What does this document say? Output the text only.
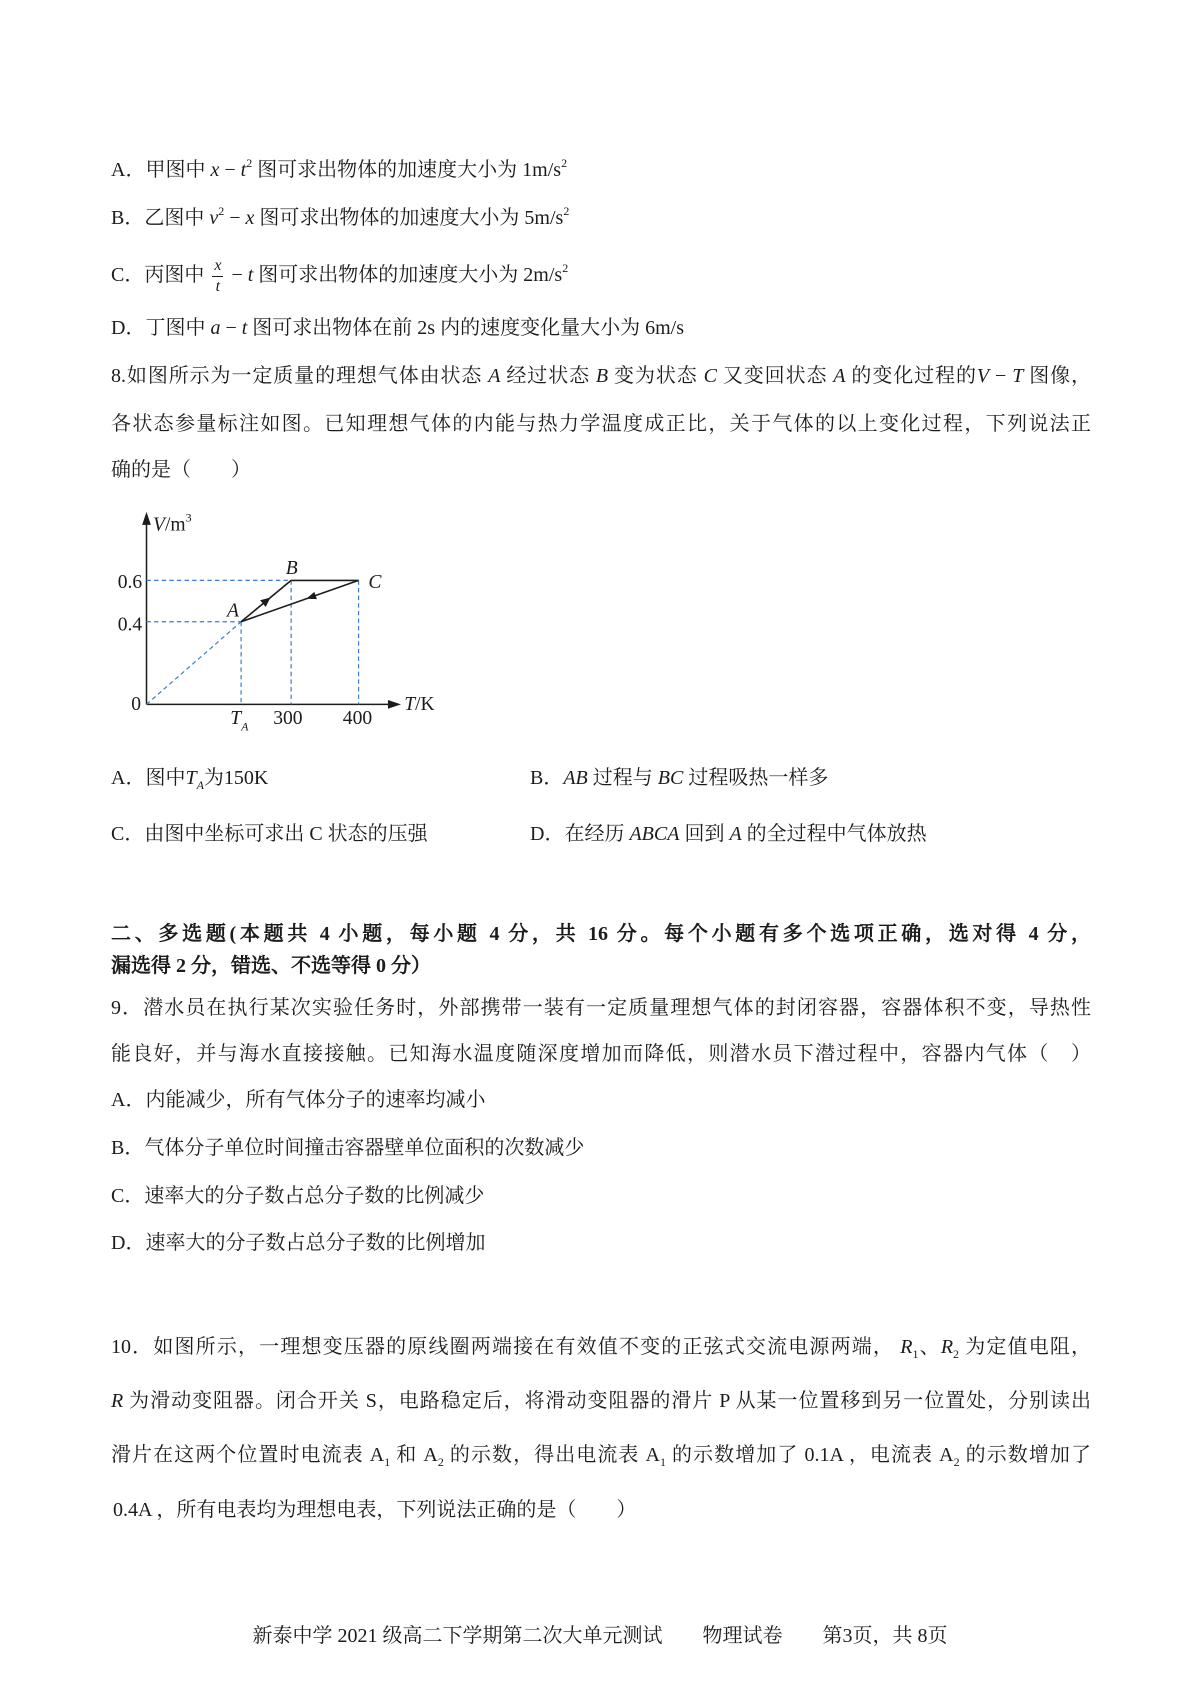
A．甲图中 $x - t^2$ 图可求出物体的加速度大小为 $1m/s^2$
B．乙图中 $v^2 - x$ 图可求出物体的加速度大小为 $5m/s^2$
C．丙图中 $\frac{x}{t} - t$ 图可求出物体的加速度大小为 $2m/s^2$
D．丁图中 a − t 图可求出物体在前 2s 内的速度变化量大小为 6m/s
8.如图所示为一定质量的理想气体由状态 A 经过状态 B 变为状态 C 又变回状态 A 的变化过程的V − T 图像，
各状态参量标注如图。已知理想气体的内能与热力学温度成正比，关于气体的以上变化过程，下列说法正
确的是（　　）
$V/m^3$
T/K
0.6
0.4
0
$T_A$ 300 400
A
B
C
A．图中$T_A$为150K	B．AB 过程与 BC 过程吸热一样多
C．由图中坐标可求出 C 状态的压强	D．在经历 ABCA 回到 A 的全过程中气体放热
二、多选题(本题共 4 小题，每小题 4 分，共 16 分。每个小题有多个选项正确，选对得 4 分，
漏选得 2 分，错选、不选等得 0 分）
9．潜水员在执行某次实验任务时，外部携带一装有一定质量理想气体的封闭容器，容器体积不变，导热性
能良好，并与海水直接接触。已知海水温度随深度增加而降低，则潜水员下潜过程中，容器内气体（　）
A．内能减少，所有气体分子的速率均减小
B．气体分子单位时间撞击容器壁单位面积的次数减少
C．速率大的分子数占总分子数的比例减少
D．速率大的分子数占总分子数的比例增加
10．如图所示，一理想变压器的原线圈两端接在有效值不变的正弦式交流电源两端， $R_1$、$R_2$ 为定值电阻，
R 为滑动变阻器。闭合开关 S，电路稳定后，将滑动变阻器的滑片 P 从某一位置移到另一位置处，分别读出
滑片在这两个位置时电流表 $A_1$ 和 $A_2$ 的示数，得出电流表 $A_1$ 的示数增加了 0.1A ，电流表 $A_2$ 的示数增加了
0.4A ，所有电表均为理想电表，下列说法正确的是（　　）
新泰中学 2021 级高二下学期第二次大单元测试 物理试卷 第3页，共 8页
